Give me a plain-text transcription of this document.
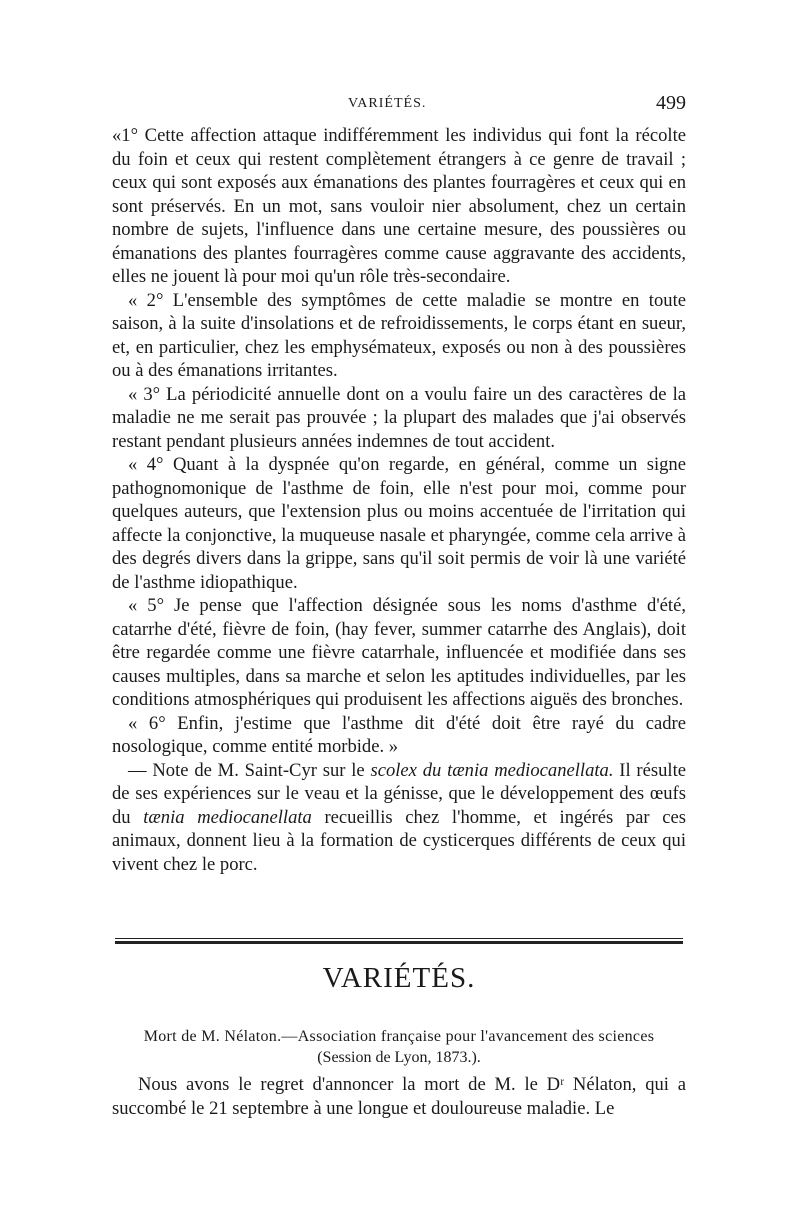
VARIÉTÉS.	499

«1° Cette affection attaque indifféremment les individus qui font la récolte du foin et ceux qui restent complètement étrangers à ce genre de travail ; ceux qui sont exposés aux émanations des plantes fourragères et ceux qui en sont préservés. En un mot, sans vouloir nier absolument, chez un certain nombre de sujets, l'influence dans une certaine mesure, des poussières ou émanations des plantes fourragères comme cause aggravante des accidents, elles ne jouent là pour moi qu'un rôle très-secondaire.

« 2° L'ensemble des symptômes de cette maladie se montre en toute saison, à la suite d'insolations et de refroidissements, le corps étant en sueur, et, en particulier, chez les emphysémateux, exposés ou non à des poussières ou à des émanations irritantes.

« 3° La périodicité annuelle dont on a voulu faire un des caractères de la maladie ne me serait pas prouvée ; la plupart des malades que j'ai observés restant pendant plusieurs années indemnes de tout accident.

« 4° Quant à la dyspnée qu'on regarde, en général, comme un signe pathognomonique de l'asthme de foin, elle n'est pour moi, comme pour quelques auteurs, que l'extension plus ou moins accentuée de l'irritation qui affecte la conjonctive, la muqueuse nasale et pharyngée, comme cela arrive à des degrés divers dans la grippe, sans qu'il soit permis de voir là une variété de l'asthme idiopathique.

« 5° Je pense que l'affection désignée sous les noms d'asthme d'été, catarrhe d'été, fièvre de foin, (hay fever, summer catarrhe des Anglais), doit être regardée comme une fièvre catarrhale, influencée et modifiée dans ses causes multiples, dans sa marche et selon les aptitudes individuelles, par les conditions atmosphériques qui produisent les affections aiguës des bronches.

« 6° Enfin, j'estime que l'asthme dit d'été doit être rayé du cadre nosologique, comme entité morbide. »

— Note de M. Saint-Cyr sur le scolex du tænia mediocanellata. Il résulte de ses expériences sur le veau et la génisse, que le développement des œufs du tænia mediocanellata recueillis chez l'homme, et ingérés par ces animaux, donnent lieu à la formation de cysticerques différents de ceux qui vivent chez le porc.

VARIÉTÉS.
Mort de M. Nélaton.—Association française pour l'avancement des sciences
(Session de Lyon, 1873.).

Nous avons le regret d'annoncer la mort de M. le Dʳ Nélaton, qui a succombé le 21 septembre à une longue et douloureuse maladie. Le
